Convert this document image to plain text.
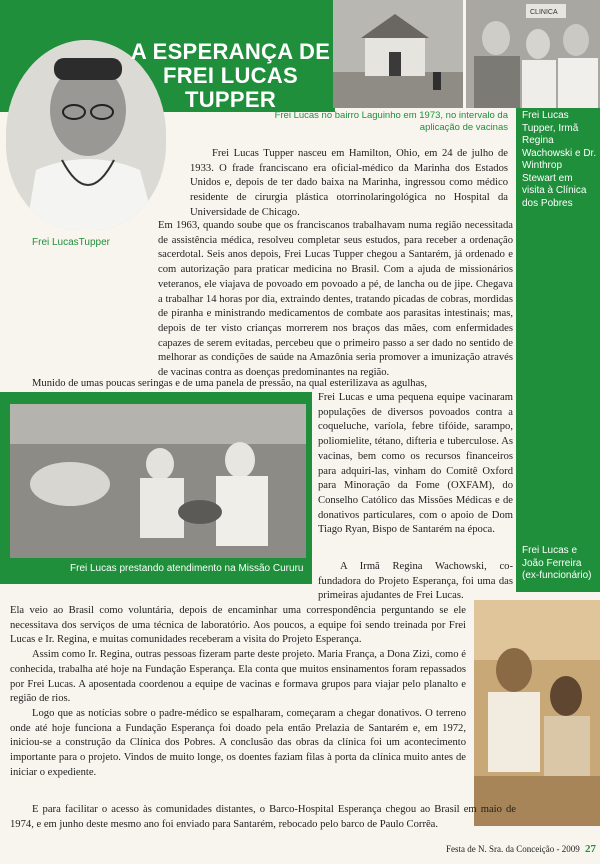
A ESPERANÇA DE
FREI LUCAS TUPPER
CLINICA
Frei Lucas no bairro Laguinho em 1973, no intervalo da aplicação de vacinas
Frei Lucas Tupper, Irmã Regina Wachowski e Dr. Winthrop Stewart em visita à Clínica dos Pobres
Frei LucasTupper

Frei Lucas Tupper nasceu em Hamilton, Ohio, em 24 de julho de 1933. O frade franciscano era oficial-médico da Marinha dos Estados Unidos e, depois de ter dado baixa na Marinha, ingressou como médico residente de cirurgia plástica otorrinolaringológica no Hospital da Universidade de Chicago.

Em 1963, quando soube que os franciscanos trabalhavam numa região necessitada de assistência médica, resolveu completar seus estudos, para receber a ordenação sacerdotal. Seis anos depois, Frei Lucas Tupper chegou a Santarém, já ordenado e com autorização para praticar medicina no Brasil. Com a ajuda de missionários veteranos, ele viajava de povoado em povoado a pé, de lancha ou de jipe. Chegava a trabalhar 14 horas por dia, extraindo dentes, tratando picadas de cobras, mordidas de piranha e ministrando medicamentos de combate aos parasitas intestinais; mas, depois de ter visto crianças morrerem nos braços das mães, com enfermidades capazes de serem evitadas, percebeu que o primeiro passo a ser dado no sentido de melhorar as condições de saúde na Amazônia seria promover a imunização através de vacinas contra as doenças predominantes na região.

Munido de umas poucas seringas e de uma panela de pressão, na qual esterilizava as agulhas,

Frei Lucas prestando atendimento na Missão Cururu

Frei Lucas e uma pequena equipe vacinaram populações de diversos povoados contra a coqueluche, varíola, febre tifóide, sarampo, poliomielite, tétano, difteria e tuberculose. As vacinas, bem como os recursos financeiros para adquiri-las, vinham do Comitê Oxford para Minoração da Fome (OXFAM), do Conselho Católico das Missões Médicas e de donativos particulares, com o apoio de Dom Tiago Ryan, Bispo de Santarém na época.

A Irmã Regina Wachowski, co-fundadora do Projeto Esperança, foi uma das primeiras ajudantes de Frei Lucas.

Frei Lucas e João Ferreira (ex-funcionário)

Ela veio ao Brasil como voluntária, depois de encaminhar uma correspondência perguntando se ele necessitava dos serviços de uma técnica de laboratório. Aos poucos, a equipe foi sendo treinada por Frei Lucas e Ir. Regina, e muitas comunidades receberam a visita do Projeto Esperança.

Assim como Ir. Regina, outras pessoas fizeram parte deste projeto. Maria França, a Dona Zizi, como é conhecida, trabalha até hoje na Fundação Esperança. Ela conta que muitos ensinamentos foram repassados por Frei Lucas. A aposentada coordenou a equipe de vacinas e formava grupos para viajar pelo planalto e região de rios.

Logo que as notícias sobre o padre-médico se espalharam, começaram a chegar donativos. O terreno onde até hoje funciona a Fundação Esperança foi doado pela então Prelazia de Santarém e, em 1972, iniciou-se a construção da Clínica dos Pobres. A conclusão das obras da clínica foi um acontecimento importante para o projeto. Vindos de muito longe, os doentes faziam filas à porta da clínica muito antes de iniciar o expediente.

E para facilitar o acesso às comunidades distantes, o Barco-Hospital Esperança chegou ao Brasil em maio de 1974, e em junho deste mesmo ano foi enviado para Santarém, rebocado pelo barco de Paulo Corrêa.

Festa de N. Sra. da Conceição - 2009 27
